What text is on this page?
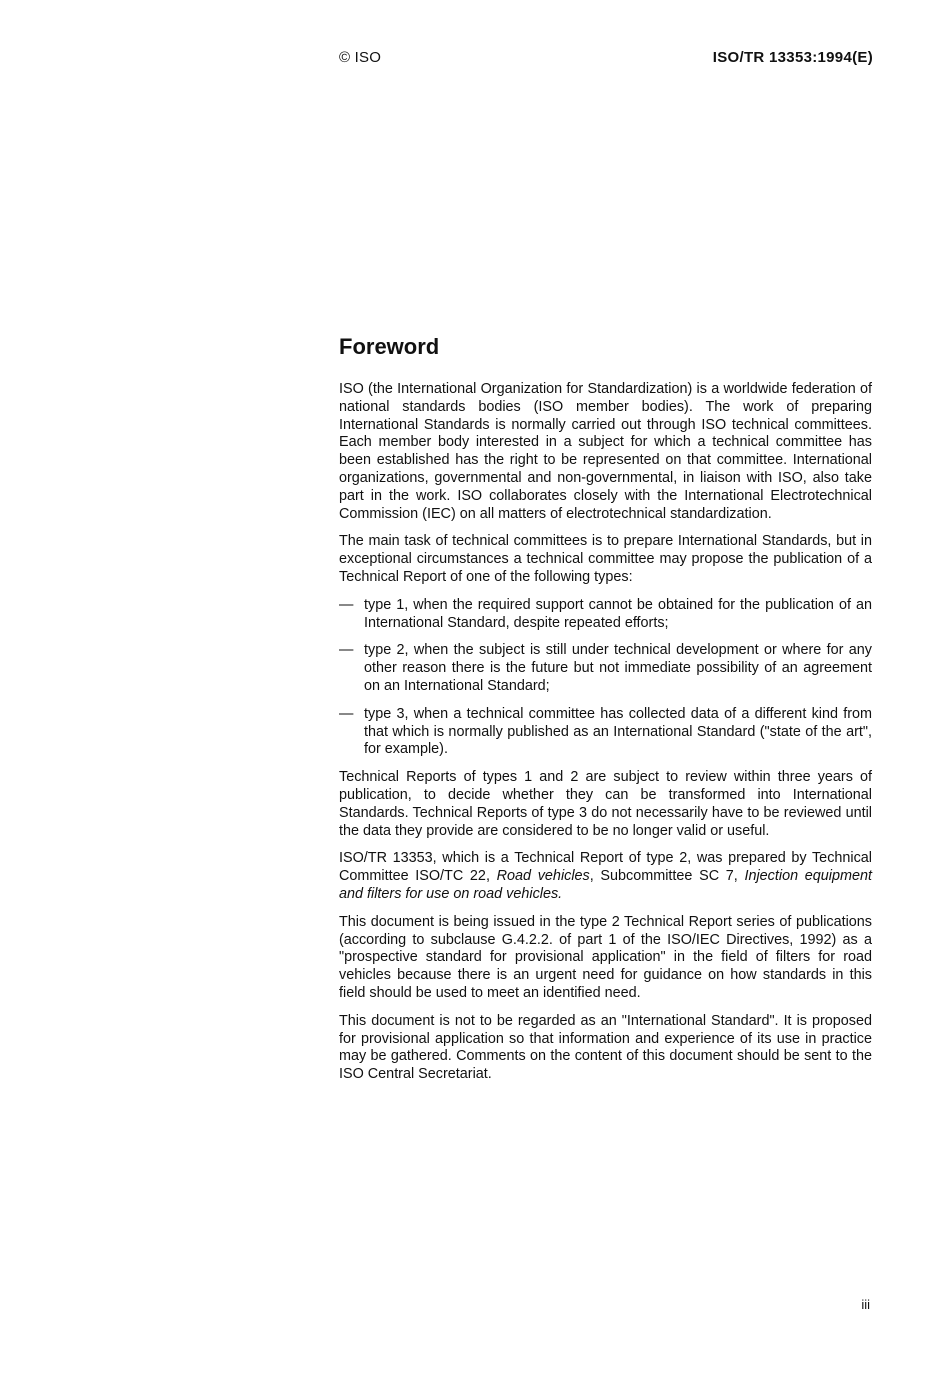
© ISO	ISO/TR 13353:1994(E)
Foreword

ISO (the International Organization for Standardization) is a worldwide federation of national standards bodies (ISO member bodies). The work of preparing International Standards is normally carried out through ISO technical committees. Each member body interested in a subject for which a technical committee has been established has the right to be represented on that committee. International organizations, governmental and non-governmental, in liaison with ISO, also take part in the work. ISO collaborates closely with the International Electrotechnical Commission (IEC) on all matters of electrotechnical standardization.

The main task of technical committees is to prepare International Standards, but in exceptional circumstances a technical committee may propose the publication of a Technical Report of one of the following types:

— type 1, when the required support cannot be obtained for the publication of an International Standard, despite repeated efforts;
— type 2, when the subject is still under technical development or where for any other reason there is the future but not immediate possibility of an agreement on an International Standard;
— type 3, when a technical committee has collected data of a different kind from that which is normally published as an International Standard ("state of the art", for example).

Technical Reports of types 1 and 2 are subject to review within three years of publication, to decide whether they can be transformed into International Standards. Technical Reports of type 3 do not necessarily have to be reviewed until the data they provide are considered to be no longer valid or useful.

ISO/TR 13353, which is a Technical Report of type 2, was prepared by Technical Committee ISO/TC 22, Road vehicles, Subcommittee SC 7, Injection equipment and filters for use on road vehicles.

This document is being issued in the type 2 Technical Report series of publications (according to subclause G.4.2.2. of part 1 of the ISO/IEC Directives, 1992) as a "prospective standard for provisional application" in the field of filters for road vehicles because there is an urgent need for guidance on how standards in this field should be used to meet an identified need.

This document is not to be regarded as an "International Standard". It is proposed for provisional application so that information and experience of its use in practice may be gathered. Comments on the content of this document should be sent to the ISO Central Secretariat.

iii
